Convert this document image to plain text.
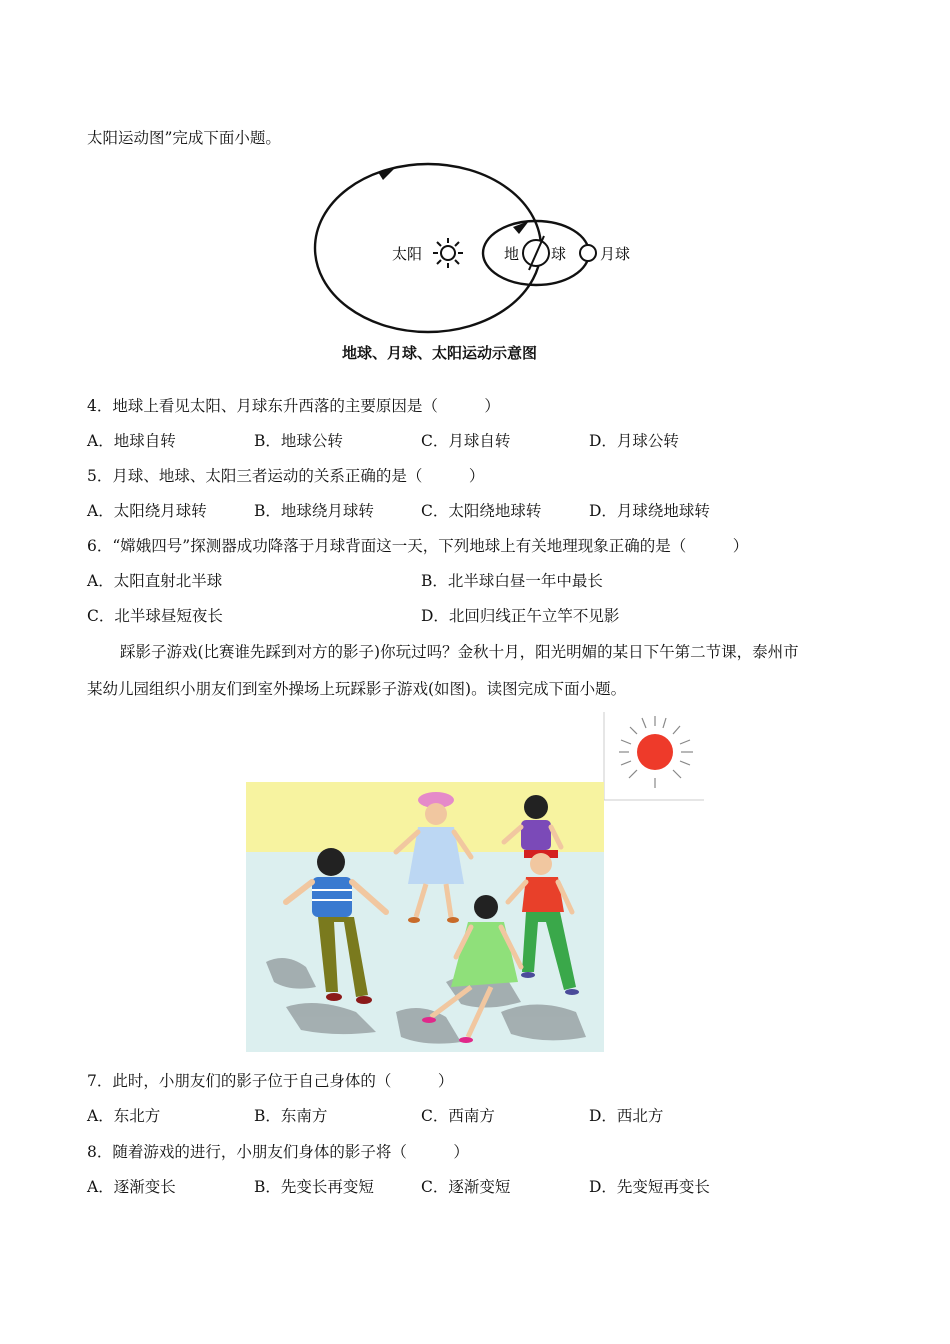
太阳运动图”完成下面小题。
太阳	地 球 月球
地球、月球、太阳运动示意图
4．地球上看见太阳、月球东升西落的主要原因是（　　　）
A．地球自转	B．地球公转	C．月球自转	D．月球公转
5．月球、地球、太阳三者运动的关系正确的是（　　　）
A．太阳绕月球转	B．地球绕月球转	C．太阳绕地球转	D．月球绕地球转
6．“嫦娥四号”探测器成功降落于月球背面这一天，下列地球上有关地理现象正确的是（　　　）
A．太阳直射北半球	B．北半球白昼一年中最长
C．北半球昼短夜长	D．北回归线正午立竿不见影
踩影子游戏(比赛谁先踩到对方的影子)你玩过吗？金秋十月，阳光明媚的某日下午第二节课，泰州市
某幼儿园组织小朋友们到室外操场上玩踩影子游戏(如图)。读图完成下面小题。
7．此时，小朋友们的影子位于自己身体的（　　　）
A．东北方	B．东南方	C．西南方	D．西北方
8．随着游戏的进行，小朋友们身体的影子将（　　　）
A．逐渐变长	B．先变长再变短	C．逐渐变短	D．先变短再变长
